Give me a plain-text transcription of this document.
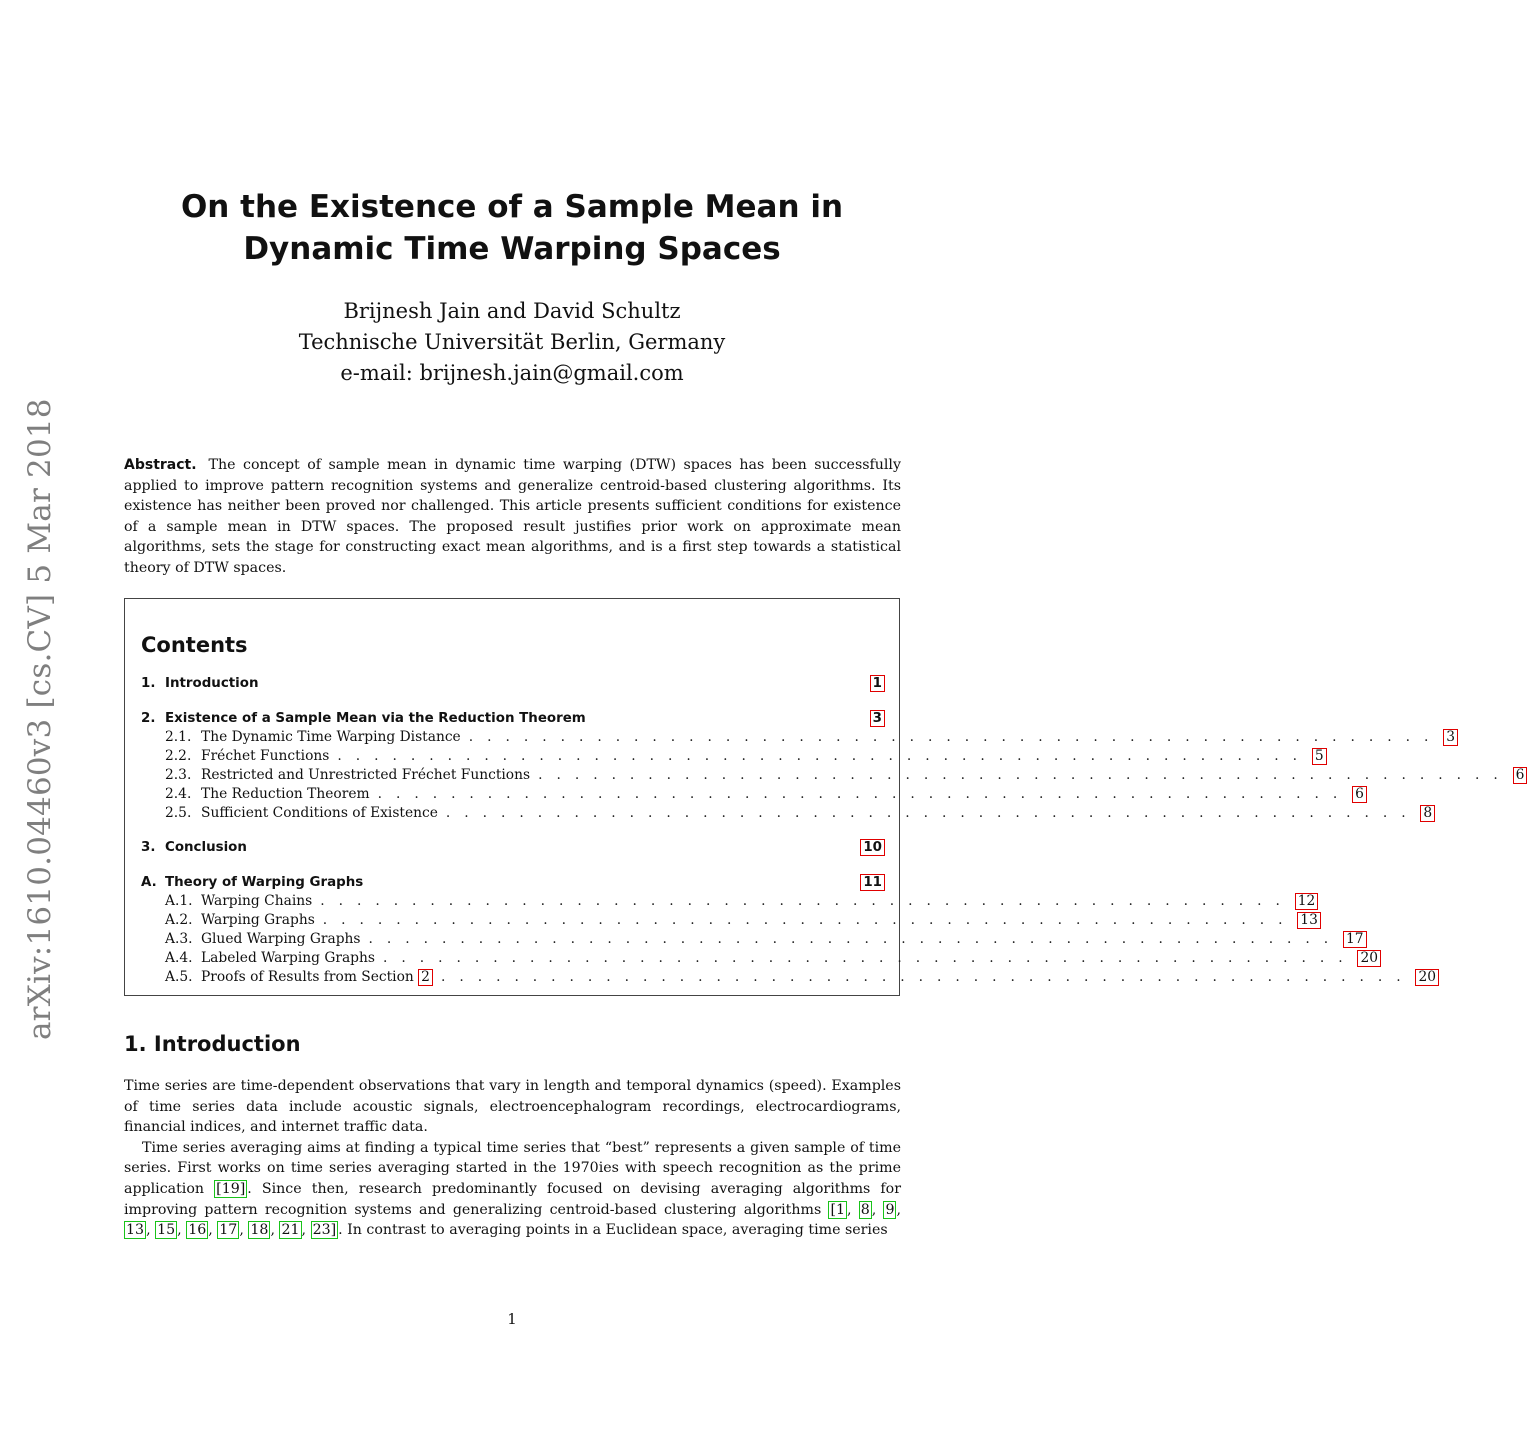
arXiv:1610.04460v3 [cs.CV] 5 Mar 2018
On the Existence of a Sample Mean in
Dynamic Time Warping Spaces
Brijnesh Jain and David Schultz
Technische Universität Berlin, Germany
e-mail: brijnesh.jain@gmail.com
Abstract. The concept of sample mean in dynamic time warping (DTW) spaces has been successfully applied to improve pattern recognition systems and generalize centroid-based clustering algorithms. Its existence has neither been proved nor challenged. This article presents sufficient conditions for existence of a sample mean in DTW spaces. The proposed result justifies prior work on approximate mean algorithms, sets the stage for constructing exact mean algorithms, and is a first step towards a statistical theory of DTW spaces.
Contents
1. Introduction	1
2. Existence of a Sample Mean via the Reduction Theorem	3
2.1. The Dynamic Time Warping Distance . . . . . . . . . . . . . . . . . . . . . . . . . . . . . . . . . . . . . . . . . . . . . . . . . . . . . 3
2.2. Fréchet Functions . . . . . . . . . . . . . . . . . . . . . . . . . . . . . . . . . . . . . . . . . . . . . . . . . . . . . 5
2.3. Restricted and Unrestricted Fréchet Functions . . . . . . . . . . . . . . . . . . . . . . . . . . . . . . . . . . . . . . . . . . . . . . . . . . . . . 6
2.4. The Reduction Theorem . . . . . . . . . . . . . . . . . . . . . . . . . . . . . . . . . . . . . . . . . . . . . . . . . . . . . 6
2.5. Sufficient Conditions of Existence . . . . . . . . . . . . . . . . . . . . . . . . . . . . . . . . . . . . . . . . . . . . . . . . . . . . . 8
3. Conclusion	10
A. Theory of Warping Graphs	11
A.1. Warping Chains . . . . . . . . . . . . . . . . . . . . . . . . . . . . . . . . . . . . . . . . . . . . . . . . . . . . . 12
A.2. Warping Graphs . . . . . . . . . . . . . . . . . . . . . . . . . . . . . . . . . . . . . . . . . . . . . . . . . . . . . 13
A.3. Glued Warping Graphs . . . . . . . . . . . . . . . . . . . . . . . . . . . . . . . . . . . . . . . . . . . . . . . . . . . . . 17
A.4. Labeled Warping Graphs . . . . . . . . . . . . . . . . . . . . . . . . . . . . . . . . . . . . . . . . . . . . . . . . . . . . . 20
A.5. Proofs of Results from Section
2 . . . . . . . . . . . . . . . . . . . . . . . . . . . . . . . . . . . . . . . . . . . . . . . . . . . . . 20
1. Introduction

Time series are time-dependent observations that vary in length and temporal dynamics (speed). Examples of time series data include acoustic signals, electroencephalogram recordings, electrocardiograms, financial indices, and internet traffic data.

Time series averaging aims at finding a typical time series that “best” represents a given sample of time series. First works on time series averaging started in the 1970ies with speech recognition as the prime application [19] . Since then, research predominantly focused on devising averaging algorithms for improving pattern recognition systems and generalizing centroid-based clustering algorithms [1 , 8 , 9 , 13 , 15 , 16 , 17 , 18 , 21 , 23] . In contrast to averaging points in a Euclidean space, averaging time series

1
